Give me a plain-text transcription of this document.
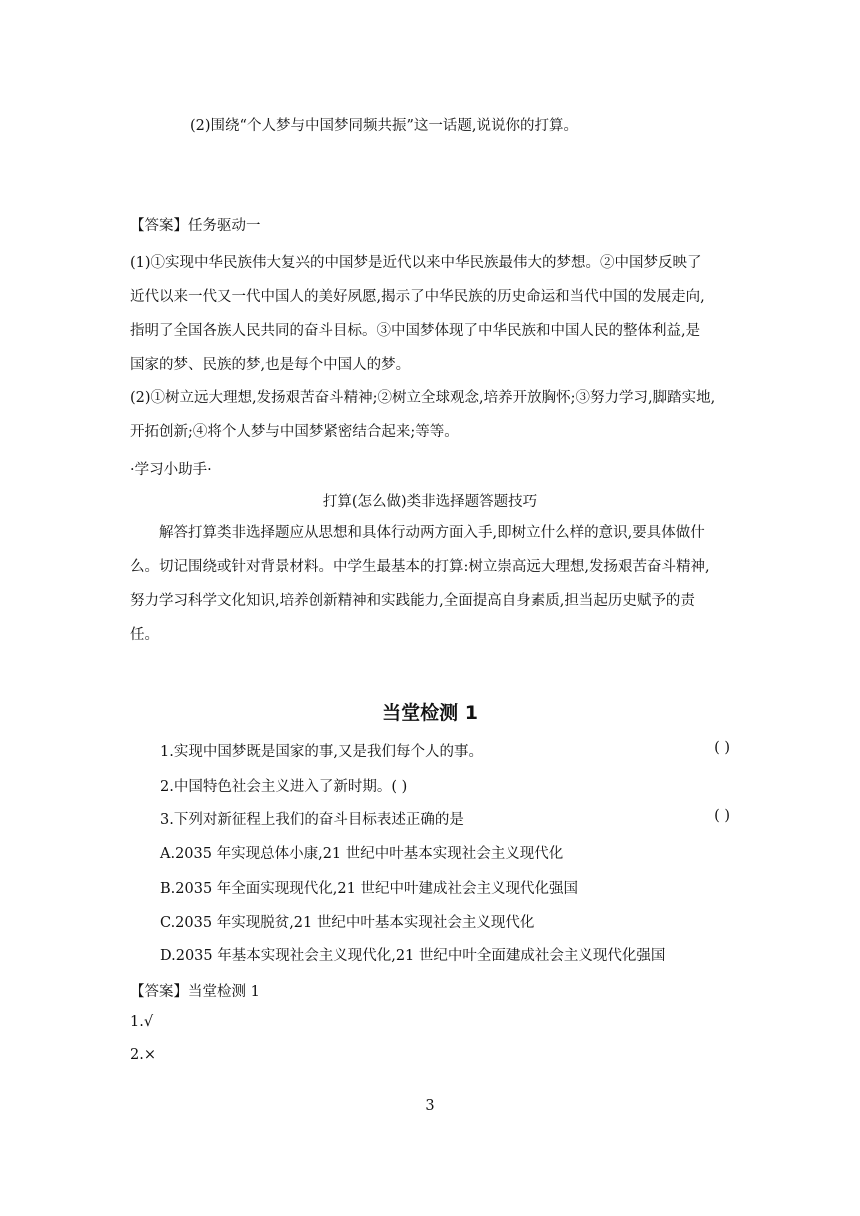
(2)围绕“个人梦与中国梦同频共振”这一话题,说说你的打算。
【答案】任务驱动一
(1)①实现中华民族伟大复兴的中国梦是近代以来中华民族最伟大的梦想。②中国梦反映了
近代以来一代又一代中国人的美好夙愿,揭示了中华民族的历史命运和当代中国的发展走向,
指明了全国各族人民共同的奋斗目标。③中国梦体现了中华民族和中国人民的整体利益,是
国家的梦、民族的梦,也是每个中国人的梦。
(2)①树立远大理想,发扬艰苦奋斗精神;②树立全球观念,培养开放胸怀;③努力学习,脚踏实地,
开拓创新;④将个人梦与中国梦紧密结合起来;等等。
·学习小助手·
打算(怎么做)类非选择题答题技巧
解答打算类非选择题应从思想和具体行动两方面入手,即树立什么样的意识,要具体做什
么。切记围绕或针对背景材料。中学生最基本的打算:树立崇高远大理想,发扬艰苦奋斗精神,
努力学习科学文化知识,培养创新精神和实践能力,全面提高自身素质,担当起历史赋予的责
任。
当堂检测 1
1.实现中国梦既是国家的事,又是我们每个人的事。	( )
2.中国特色社会主义进入了新时期。( )
3.下列对新征程上我们的奋斗目标表述正确的是	( )
A.2035 年实现总体小康,21 世纪中叶基本实现社会主义现代化
B.2035 年全面实现现代化,21 世纪中叶建成社会主义现代化强国
C.2035 年实现脱贫,21 世纪中叶基本实现社会主义现代化
D.2035 年基本实现社会主义现代化,21 世纪中叶全面建成社会主义现代化强国
【答案】当堂检测 1
1.√
2.×
3
